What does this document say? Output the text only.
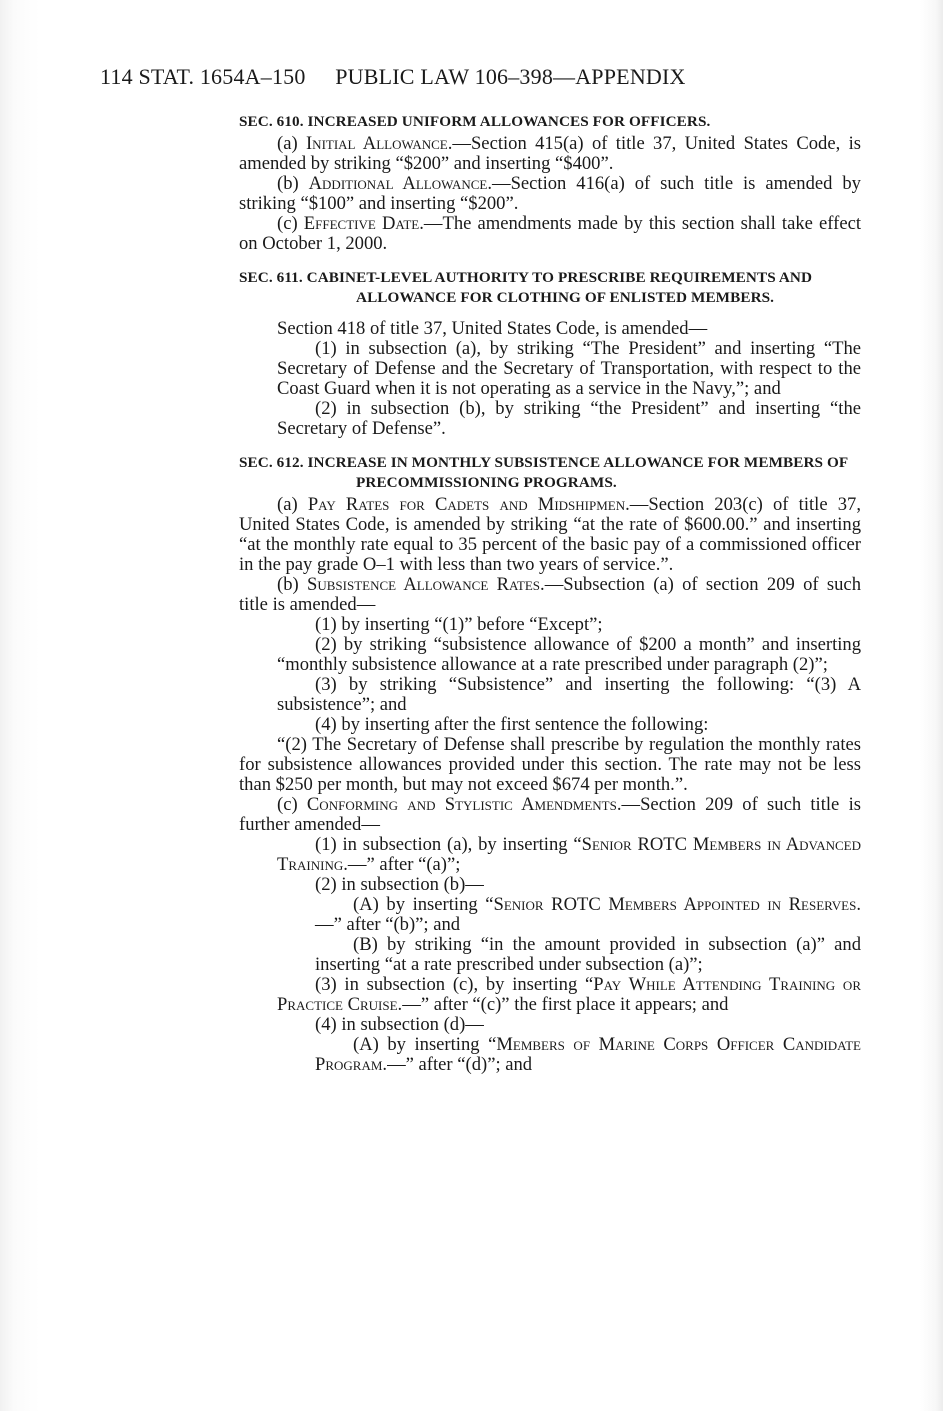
114 STAT. 1654A–150 PUBLIC LAW 106–398—APPENDIX
SEC. 610. INCREASED UNIFORM ALLOWANCES FOR OFFICERS.

(a) Initial Allowance.—Section 415(a) of title 37, United States Code, is amended by striking “$200” and inserting “$400”.

(b) Additional Allowance.—Section 416(a) of such title is amended by striking “$100” and inserting “$200”.

(c) Effective Date.—The amendments made by this section shall take effect on October 1, 2000.

SEC. 611. CABINET-LEVEL AUTHORITY TO PRESCRIBE REQUIREMENTS AND ALLOWANCE FOR CLOTHING OF ENLISTED MEMBERS.

Section 418 of title 37, United States Code, is amended—

(1) in subsection (a), by striking “The President” and inserting “The Secretary of Defense and the Secretary of Transportation, with respect to the Coast Guard when it is not operating as a service in the Navy,”; and

(2) in subsection (b), by striking “the President” and inserting “the Secretary of Defense”.

SEC. 612. INCREASE IN MONTHLY SUBSISTENCE ALLOWANCE FOR MEMBERS OF PRECOMMISSIONING PROGRAMS.

(a) Pay Rates for Cadets and Midshipmen.—Section 203(c) of title 37, United States Code, is amended by striking “at the rate of $600.00.” and inserting “at the monthly rate equal to 35 percent of the basic pay of a commissioned officer in the pay grade O–1 with less than two years of service.”.

(b) Subsistence Allowance Rates.—Subsection (a) of section 209 of such title is amended—

(1) by inserting “(1)” before “Except”;

(2) by striking “subsistence allowance of $200 a month” and inserting “monthly subsistence allowance at a rate prescribed under paragraph (2)”;

(3) by striking “Subsistence” and inserting the following: “(3) A subsistence”; and

(4) by inserting after the first sentence the following:

“(2) The Secretary of Defense shall prescribe by regulation the monthly rates for subsistence allowances provided under this section. The rate may not be less than $250 per month, but may not exceed $674 per month.”.

(c) Conforming and Stylistic Amendments.—Section 209 of such title is further amended—

(1) in subsection (a), by inserting “Senior ROTC Members in Advanced Training.—” after “(a)”;

(2) in subsection (b)—

(A) by inserting “Senior ROTC Members Appointed in Reserves.—” after “(b)”; and

(B) by striking “in the amount provided in subsection (a)” and inserting “at a rate prescribed under subsection (a)”;

(3) in subsection (c), by inserting “Pay While Attending Training or Practice Cruise.—” after “(c)” the first place it appears; and

(4) in subsection (d)—

(A) by inserting “Members of Marine Corps Officer Candidate Program.—” after “(d)”; and
